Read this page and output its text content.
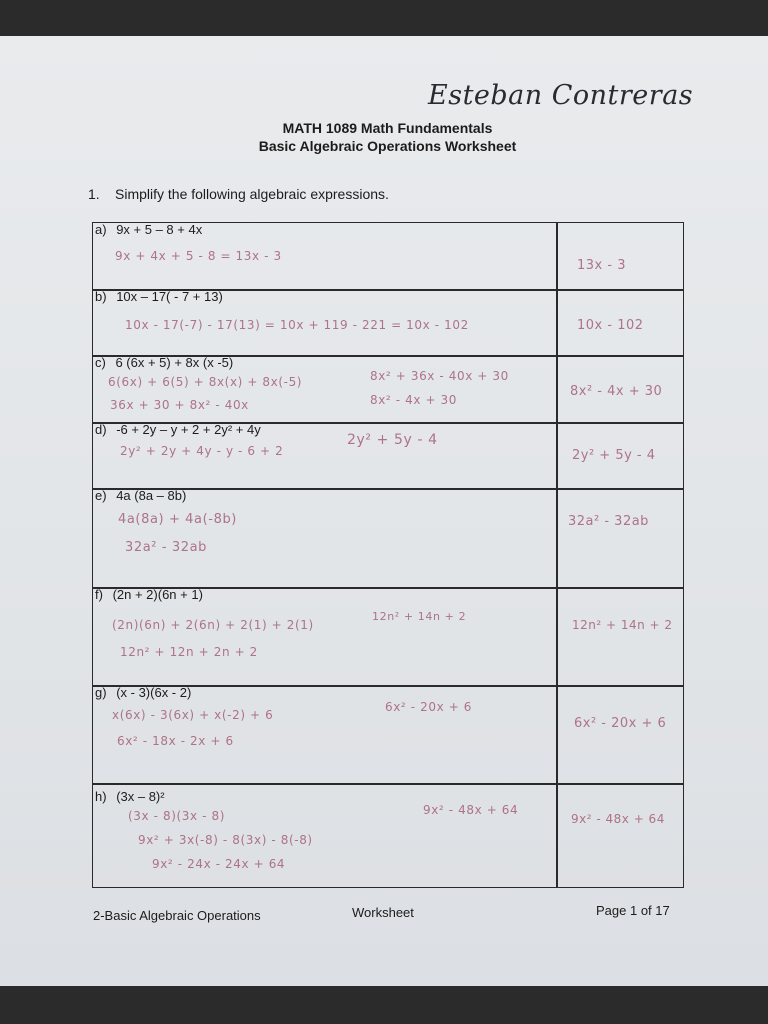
Esteban Contreras
MATH 1089 Math Fundamentals
Basic Algebraic Operations Worksheet
1. Simplify the following algebraic expressions.
a) 9x + 5 – 8 + 4x
9x + 4x + 5 - 8 = 13x - 3
13x - 3
b) 10x – 17( - 7 + 13)
10x - 17(-7) - 17(13) = 10x + 119 - 221 = 10x - 102	10x - 102
c) 6 (6x + 5) + 8x (x -5)
6(6x) + 6(5) + 8x(x) + 8x(-5)
36x + 30 + 8x² - 40x
8x² + 36x - 40x + 30
8x² - 4x + 30
8x² - 4x + 30
d) -6 + 2y – y + 2 + 2y² + 4y
2y² + 2y + 4y - y - 6 + 2
2y² + 5y - 4
2y² + 5y - 4
e) 4a (8a – 8b)
4a(8a) + 4a(-8b)
32a² - 32ab
32a² - 32ab
f) (2n + 2)(6n + 1)
(2n)(6n) + 2(6n) + 2(1) + 2(1)
12n² + 12n + 2n + 2
12n² + 14n + 2
12n² + 14n + 2
g) (x - 3)(6x - 2)
x(6x) - 3(6x) + x(-2) + 6
6x² - 18x - 2x + 6
6x² - 20x + 6
6x² - 20x + 6
h) (3x – 8)²
(3x - 8)(3x - 8)
9x² + 3x(-8) - 8(3x) - 8(-8)
9x² - 24x - 24x + 64
9x² - 48x + 64
9x² - 48x + 64
2-Basic Algebraic Operations	Worksheet	Page 1 of 17
